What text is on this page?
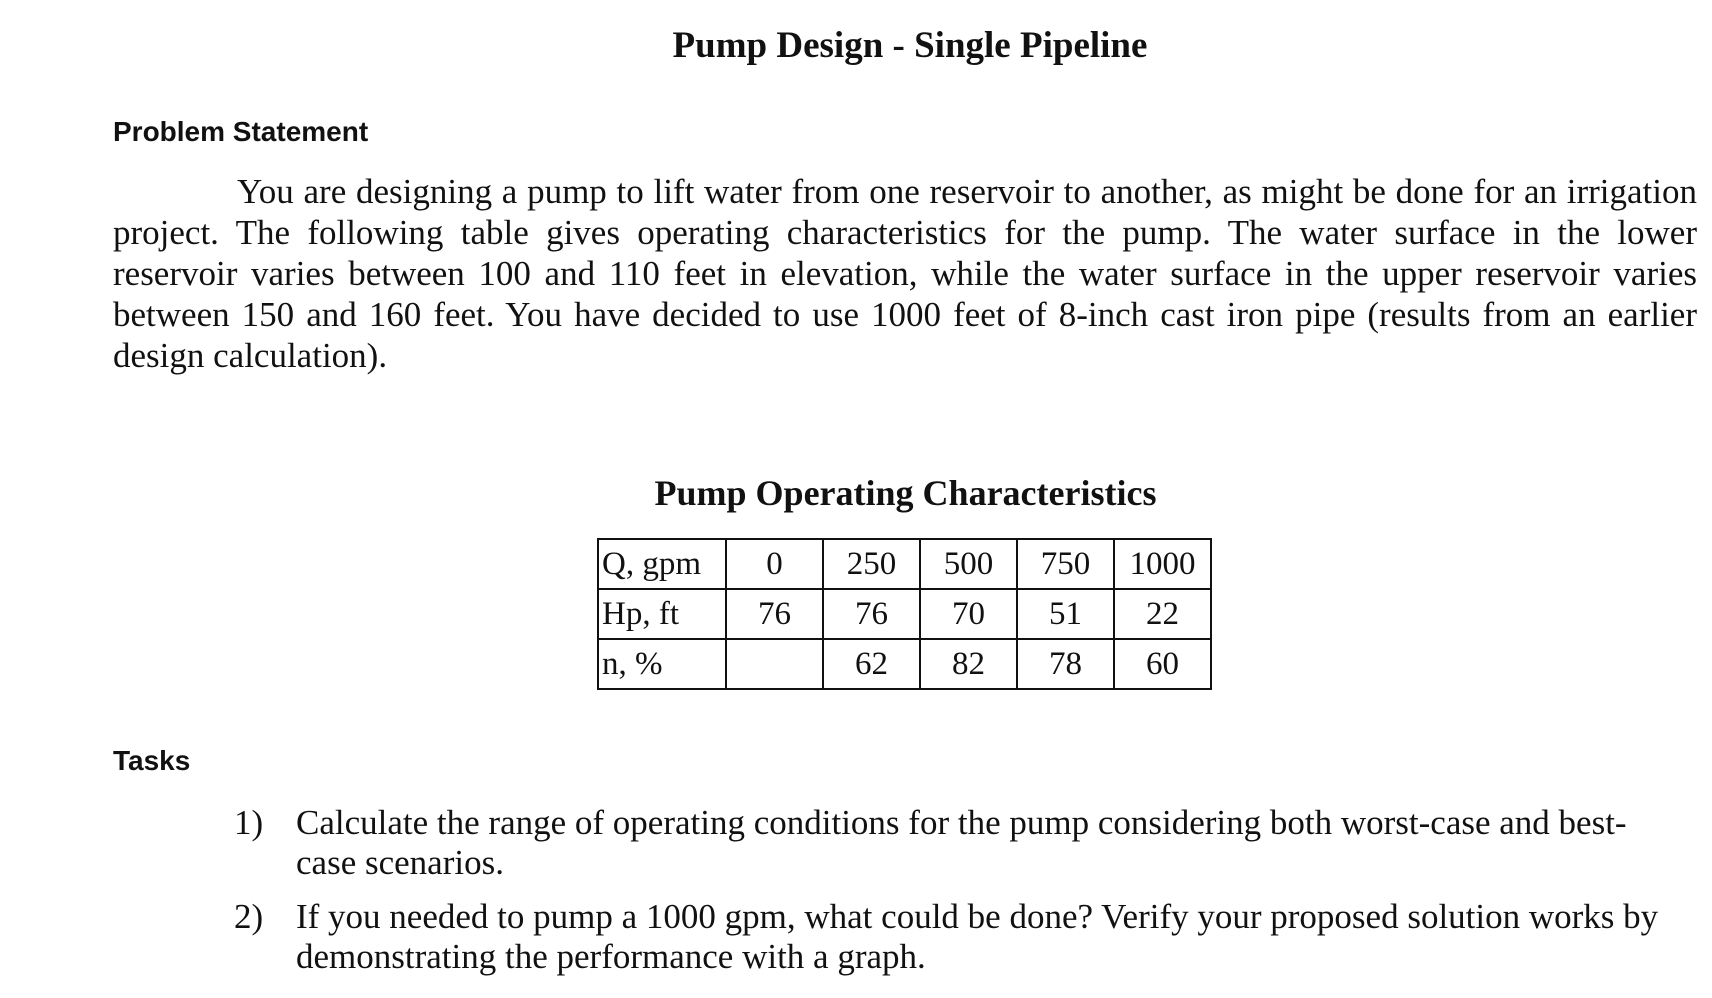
Pump Design - Single Pipeline
Problem Statement

You are designing a pump to lift water from one reservoir to another, as might be done for an irrigation project. The following table gives operating characteristics for the pump. The water surface in the lower reservoir varies between 100 and 110 feet in elevation, while the water surface in the upper reservoir varies between 150 and 160 feet. You have decided to use 1000 feet of 8-inch cast iron pipe (results from an earlier design calculation).

Pump Operating Characteristics
Q, gpm	0	250	500	750	1000
Hp, ft	76	76	70	51	22
n, %		62	82	78	60
Tasks
1) Calculate the range of operating conditions for the pump considering both worst-case and best-case scenarios.
2) If you needed to pump a 1000 gpm, what could be done? Verify your proposed solution works by demonstrating the performance with a graph.
